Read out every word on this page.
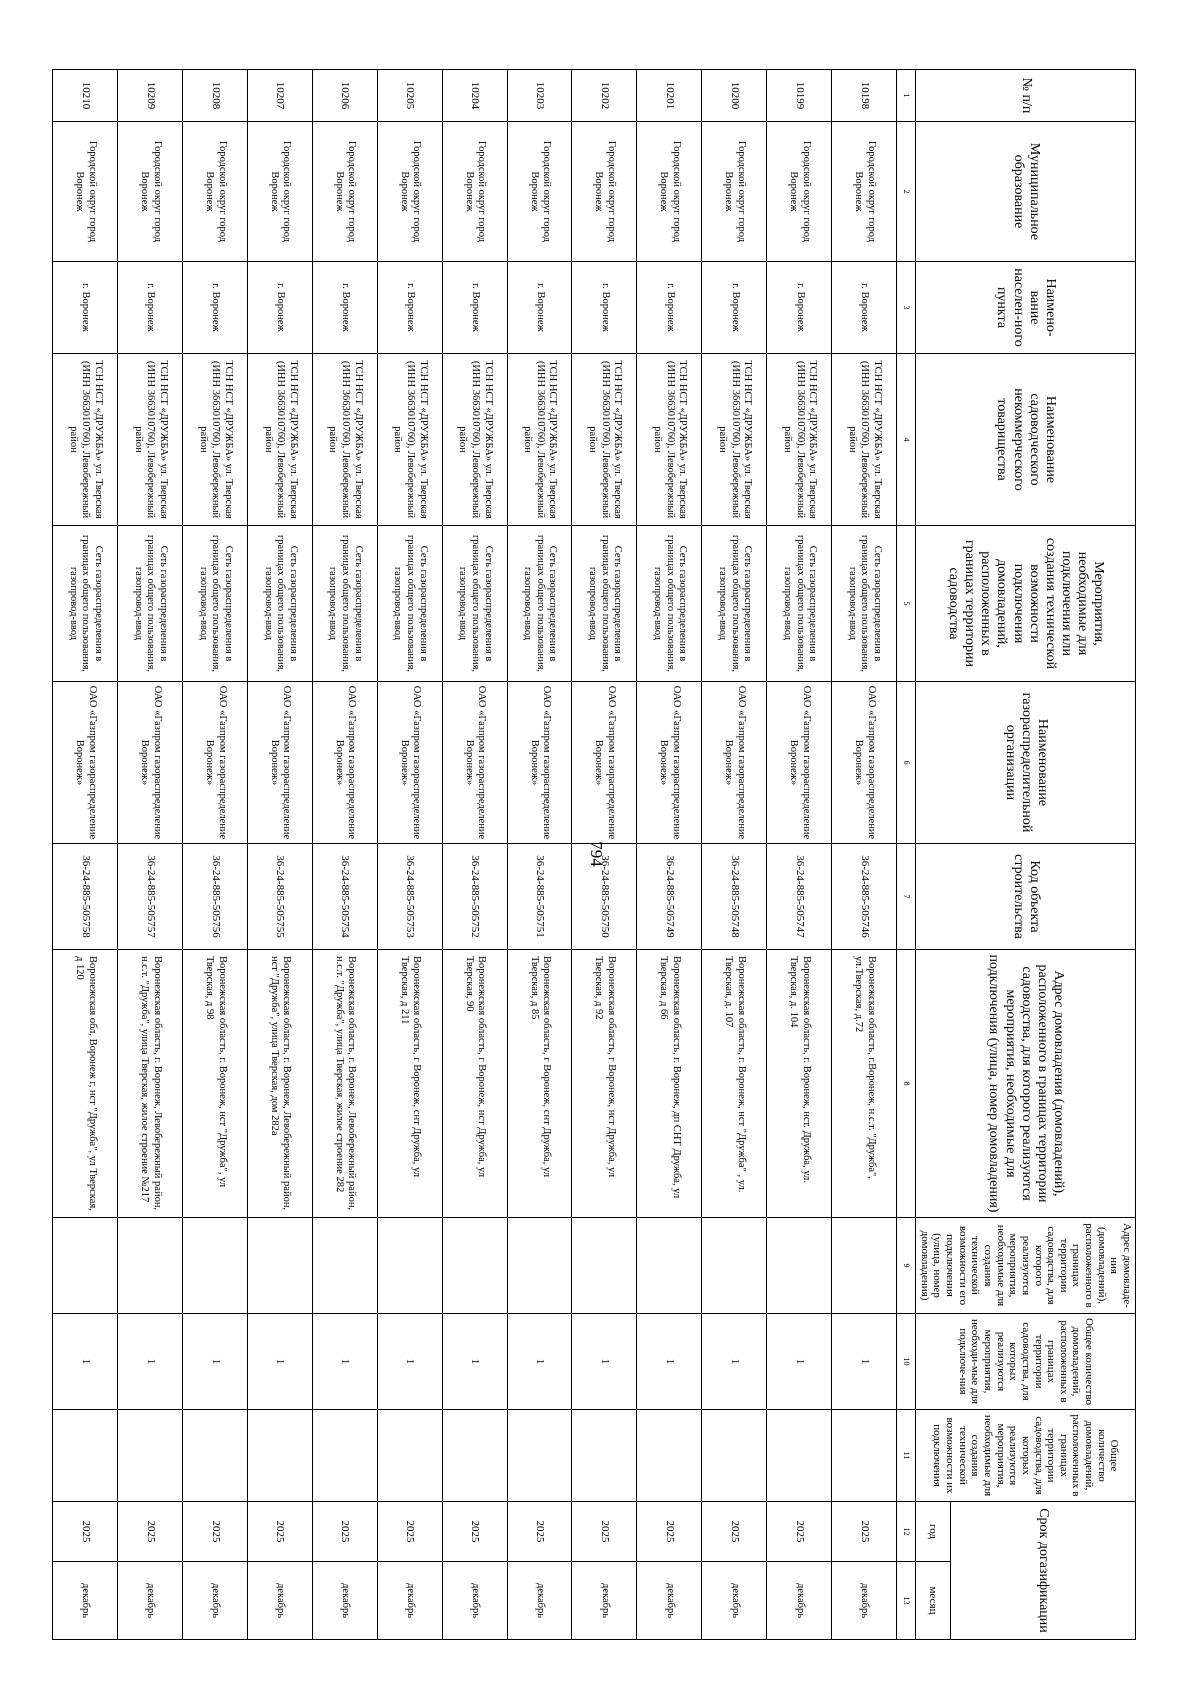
794
№ п/п	Муниципальное образование	Наимено-вание населен-ного пункта	Наименование садоводческого некоммерческого товарищества	Мероприятия, необходимые для подключения или создания технической возможности подключения домовладений, расположенных в границах территории садоводства	Наименование газораспределительной организации	Код объекта строительства	Адрес домовладения (домовладений), расположенного в границах территории садоводства, для которого реализуются мероприятия, необходимые для подключения (улица, номер домовладения)	Адрес домовладе-ния (домовладений), расположенного в границах территории садоводства, для которого реализуются мероприятия, необходимые для создания технической возможности его подключения (улица, номер домовладения)	Общее количество домовладений, расположенных в границах территории садоводства, для которых реализуются мероприятия, необходи-мые для подключе-ния	Общее количество домовладений, расположенных в границах территории садоводства, для которых реализуются мероприятия, необходимые для создания технической возможности их подключения	Срок догазификации	
											год	месяц
1	2	3	4	5	6	7	8	9	10	11	12	13
10198	Городской округ город Воронеж	г. Воронеж	ТСН НСТ «ДРУЖБА» ул. Тверская (ИНН 3663010760), Левобережный район	Сеть газораспределения в границах общего пользования, газопровод-ввод	ОАО «Газпром газораспределение Воронеж»	36-24-885-505746	Воронежская область, г.Воронеж, н.с.т. "Дружба", ул.Тверская, д.72		1		2025	декабрь
10199	Городской округ город Воронеж	г. Воронеж	ТСН НСТ «ДРУЖБА» ул. Тверская (ИНН 3663010760), Левобережный район	Сеть газораспределения в границах общего пользования, газопровод-ввод	ОАО «Газпром газораспределение Воронеж»	36-24-885-505747	Воронежская область, г. Воронеж, нст. Дружба, ул. Тверская, д. 104		1		2025	декабрь
10200	Городской округ город Воронеж	г. Воронеж	ТСН НСТ «ДРУЖБА» ул. Тверская (ИНН 3663010760), Левобережный район	Сеть газораспределения в границах общего пользования, газопровод-ввод	ОАО «Газпром газораспределение Воронеж»	36-24-885-505748	Воронежская область, г. Воронеж, нст "Дружба" , ул. Тверская, д. 107		1		2025	декабрь
10201	Городской округ город Воронеж	г. Воронеж	ТСН НСТ «ДРУЖБА» ул. Тверская (ИНН 3663010760), Левобережный район	Сеть газораспределения в границах общего пользования, газопровод-ввод	ОАО «Газпром газораспределение Воронеж»	36-24-885-505749	Воронежская область, г. Воронеж, дп СНТ Дружба, ул Тверская, д 66		1		2025	декабрь
10202	Городской округ город Воронеж	г. Воронеж	ТСН НСТ «ДРУЖБА» ул. Тверская (ИНН 3663010760), Левобережный район	Сеть газораспределения в границах общего пользования, газопровод-ввод	ОАО «Газпром газораспределение Воронеж»	36-24-885-505750	Воронежская область, г Воронеж, нст Дружба, ул Тверская, д 92		1		2025	декабрь
10203	Городской округ город Воронеж	г. Воронеж	ТСН НСТ «ДРУЖБА» ул. Тверская (ИНН 3663010760), Левобережный район	Сеть газораспределения в границах общего пользования, газопровод-ввод	ОАО «Газпром газораспределение Воронеж»	36-24-885-505751	Воронежская область, г Воронеж, снт Дружба, ул Тверская, д 85		1		2025	декабрь
10204	Городской округ город Воронеж	г. Воронеж	ТСН НСТ «ДРУЖБА» ул. Тверская (ИНН 3663010760), Левобережный район	Сеть газораспределения в границах общего пользования, газопровод-ввод	ОАО «Газпром газораспределение Воронеж»	36-24-885-505752	Воронежская область, г Воронеж, нст Дружба, ул Тверская, 90		1		2025	декабрь
10205	Городской округ город Воронеж	г. Воронеж	ТСН НСТ «ДРУЖБА» ул. Тверская (ИНН 3663010760), Левобережный район	Сеть газораспределения в границах общего пользования, газопровод-ввод	ОАО «Газпром газораспределение Воронеж»	36-24-885-505753	Воронежская область, г Воронеж, снт Дружба, ул Тверская, д 211		1		2025	декабрь
10206	Городской округ город Воронеж	г. Воронеж	ТСН НСТ «ДРУЖБА» ул. Тверская (ИНН 3663010760), Левобережный район	Сеть газораспределения в границах общего пользования, газопровод-ввод	ОАО «Газпром газораспределение Воронеж»	36-24-885-505754	Воронежская область, г. Воронеж, Левобережный район, н.с.т. "Дружба", улица Тверская, жилое строение 282		1		2025	декабрь
10207	Городской округ город Воронеж	г. Воронеж	ТСН НСТ «ДРУЖБА» ул. Тверская (ИНН 3663010760), Левобережный район	Сеть газораспределения в границах общего пользования, газопровод-ввод	ОАО «Газпром газораспределение Воронеж»	36-24-885-505755	Воронежская область, г. Воронеж, Левобережный район, нст "Дружба", улица Тверская, дом 282а		1		2025	декабрь
10208	Городской округ город Воронеж	г. Воронеж	ТСН НСТ «ДРУЖБА» ул. Тверская (ИНН 3663010760), Левобережный район	Сеть газораспределения в границах общего пользования, газопровод-ввод	ОАО «Газпром газораспределение Воронеж»	36-24-885-505756	Воронежская область, г. Воронеж, нст "Дружба", ул Тверская, д 98		1		2025	декабрь
10209	Городской округ город Воронеж	г. Воронеж	ТСН НСТ «ДРУЖБА» ул. Тверская (ИНН 3663010760), Левобережный район	Сеть газораспределения в границах общего пользования, газопровод-ввод	ОАО «Газпром газораспределение Воронеж»	36-24-885-505757	Воронежская область, г. Воронеж, Левобережный район, н.с.т. "Дружба", улица Тверская, жилое строение №217		1		2025	декабрь
10210	Городской округ город Воронеж	г. Воронеж	ТСН НСТ «ДРУЖБА» ул. Тверская (ИНН 3663010760), Левобережный район	Сеть газораспределения в границах общего пользования, газопровод-ввод	ОАО «Газпром газораспределение Воронеж»	36-24-885-505758	Воронежская обл, Воронеж г, нст "Дружба", ул Тверская, д 120		1		2025	декабрь
